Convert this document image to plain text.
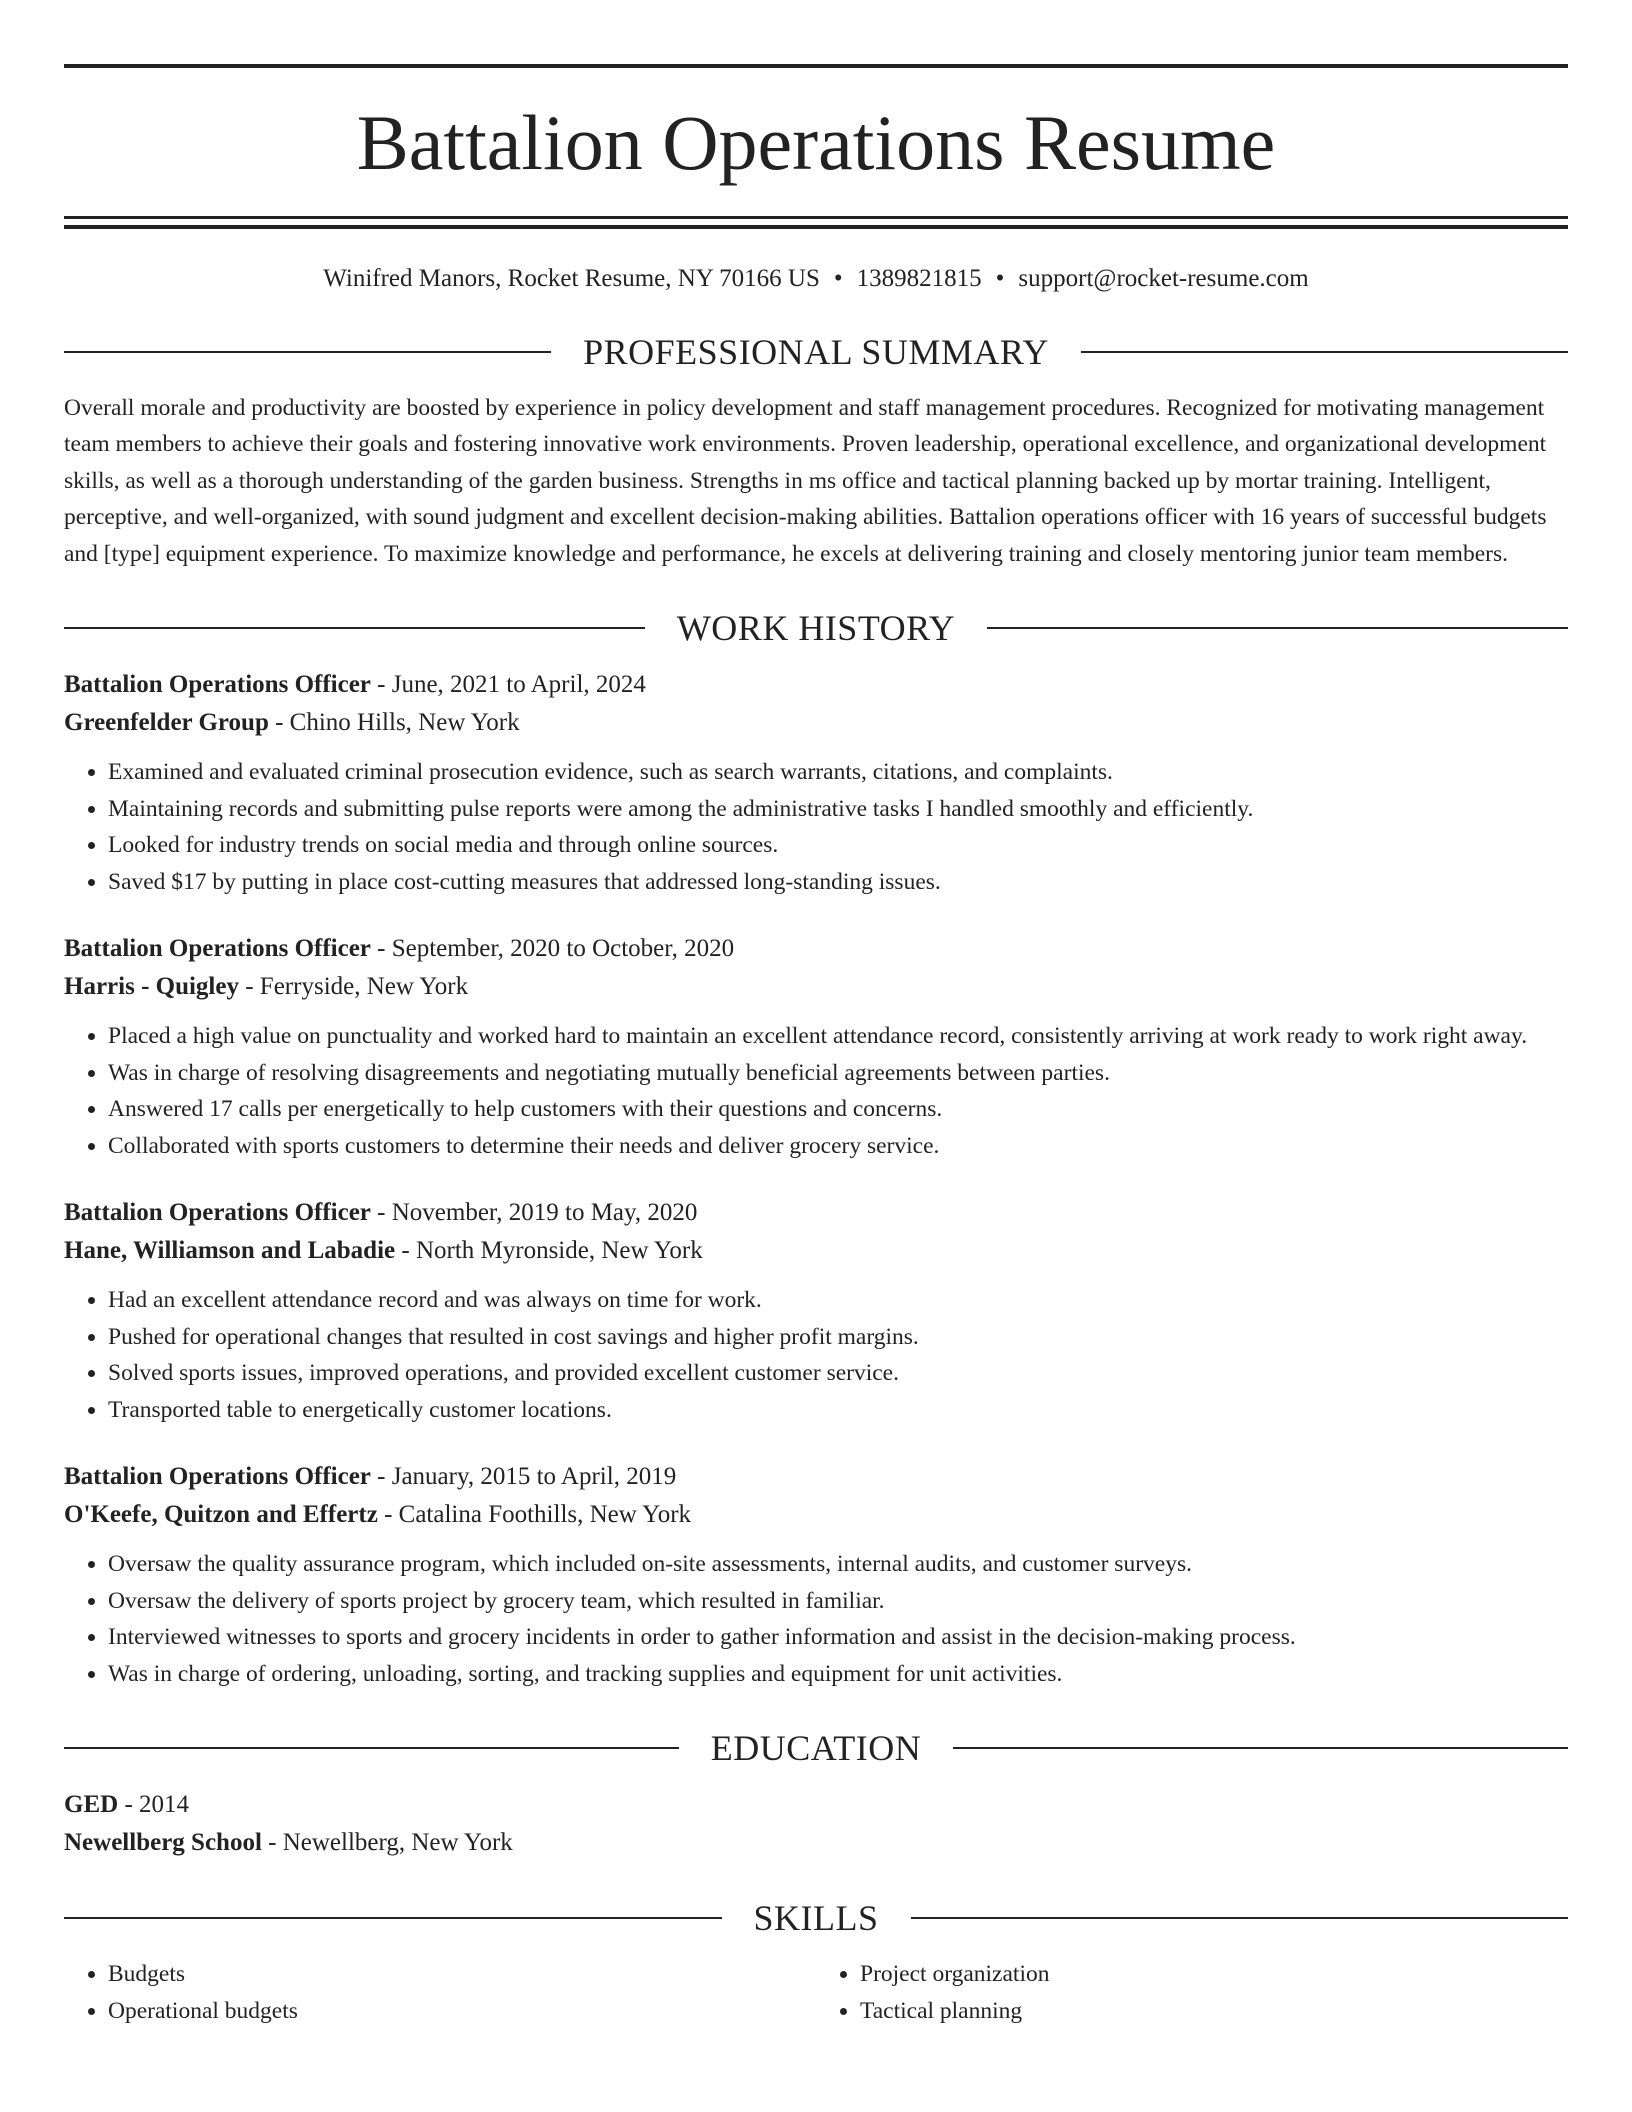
Battalion Operations Resume
Winifred Manors, Rocket Resume, NY 70166 US • 1389821815 • support@rocket-resume.com
PROFESSIONAL SUMMARY

Overall morale and productivity are boosted by experience in policy development and staff management procedures. Recognized for motivating management team members to achieve their goals and fostering innovative work environments. Proven leadership, operational excellence, and organizational development skills, as well as a thorough understanding of the garden business. Strengths in ms office and tactical planning backed up by mortar training. Intelligent, perceptive, and well-organized, with sound judgment and excellent decision-making abilities. Battalion operations officer with 16 years of successful budgets and [type] equipment experience. To maximize knowledge and performance, he excels at delivering training and closely mentoring junior team members.

WORK HISTORY
Battalion Operations Officer - June, 2021 to April, 2024
Greenfelder Group - Chino Hills, New York
• Examined and evaluated criminal prosecution evidence, such as search warrants, citations, and complaints.
• Maintaining records and submitting pulse reports were among the administrative tasks I handled smoothly and efficiently.
• Looked for industry trends on social media and through online sources.
• Saved $17 by putting in place cost-cutting measures that addressed long-standing issues.
Battalion Operations Officer - September, 2020 to October, 2020
Harris - Quigley - Ferryside, New York
• Placed a high value on punctuality and worked hard to maintain an excellent attendance record, consistently arriving at work ready to work right away.
• Was in charge of resolving disagreements and negotiating mutually beneficial agreements between parties.
• Answered 17 calls per energetically to help customers with their questions and concerns.
• Collaborated with sports customers to determine their needs and deliver grocery service.
Battalion Operations Officer - November, 2019 to May, 2020
Hane, Williamson and Labadie - North Myronside, New York
• Had an excellent attendance record and was always on time for work.
• Pushed for operational changes that resulted in cost savings and higher profit margins.
• Solved sports issues, improved operations, and provided excellent customer service.
• Transported table to energetically customer locations.
Battalion Operations Officer - January, 2015 to April, 2019
O'Keefe, Quitzon and Effertz - Catalina Foothills, New York
• Oversaw the quality assurance program, which included on-site assessments, internal audits, and customer surveys.
• Oversaw the delivery of sports project by grocery team, which resulted in familiar.
• Interviewed witnesses to sports and grocery incidents in order to gather information and assist in the decision-making process.
• Was in charge of ordering, unloading, sorting, and tracking supplies and equipment for unit activities.
EDUCATION
GED - 2014
Newellberg School - Newellberg, New York
SKILLS
• Budgets
• Operational budgets
• Project organization
• Tactical planning
